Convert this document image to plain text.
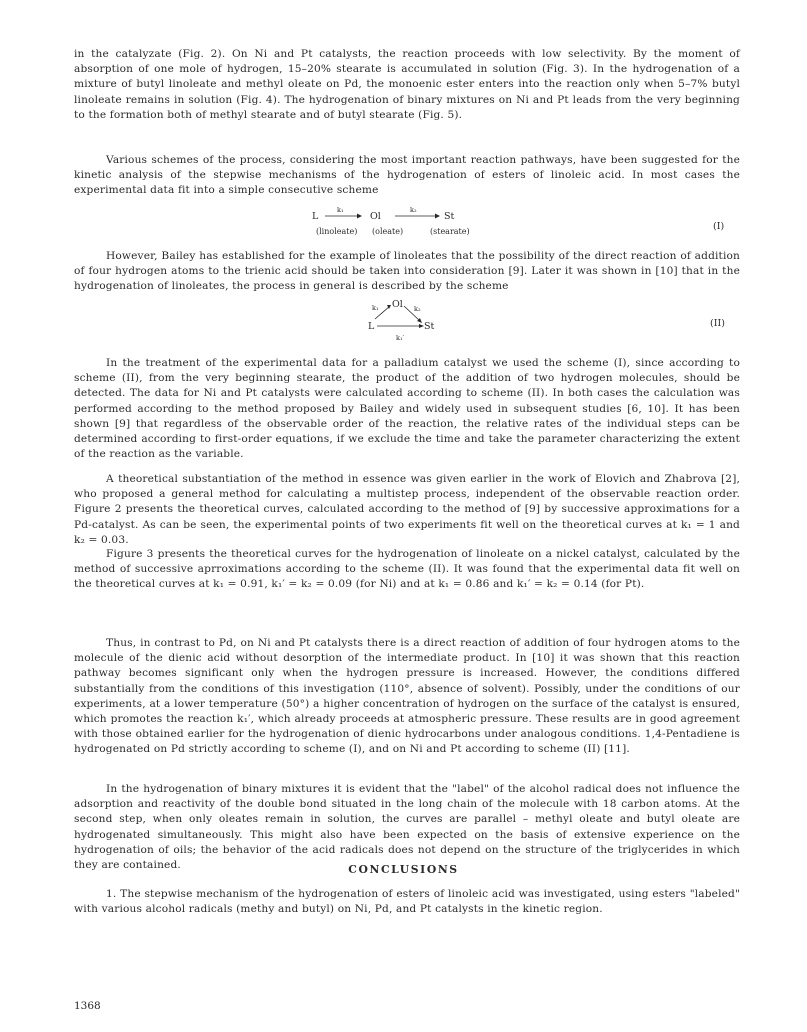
in the catalyzate (Fig. 2). On Ni and Pt catalysts, the reaction proceeds with low selectivity. By the moment of absorption of one mole of hydrogen, 15–20% stearate is accumulated in solution (Fig. 3). In the hydrogenation of a mixture of butyl linoleate and methyl oleate on Pd, the monoenic ester enters into the reaction only when 5–7% butyl linoleate remains in solution (Fig. 4). The hydrogenation of binary mixtures on Ni and Pt leads from the very beginning to the formation both of methyl stearate and of butyl stearate (Fig. 5).

Various schemes of the process, considering the most important reaction pathways, have been suggested for the kinetic analysis of the stepwise mechanisms of the hydrogenation of esters of linoleic acid. In most cases the experimental data fit into a simple consecutive scheme

L
k₁
Ol
k₂
St
(linoleate) (oleate)	(stearate)	(I)

However, Bailey has established for the example of linoleates that the possibility of the direct reaction of addition of four hydrogen atoms to the trienic acid should be taken into consideration [9]. Later it was shown in [10] that in the hydrogenation of linoleates, the process in general is described by the scheme

Ol
k₁	k₂
L	St
k₁′
(II)

In the treatment of the experimental data for a palladium catalyst we used the scheme (I), since according to scheme (II), from the very beginning stearate, the product of the addition of two hydrogen molecules, should be detected. The data for Ni and Pt catalysts were calculated according to scheme (II). In both cases the calculation was performed according to the method proposed by Bailey and widely used in subsequent studies [6, 10]. It has been shown [9] that regardless of the observable order of the reaction, the relative rates of the individual steps can be determined according to first-order equations, if we exclude the time and take the parameter characterizing the extent of the reaction as the variable.

A theoretical substantiation of the method in essence was given earlier in the work of Elovich and Zhabrova [2], who proposed a general method for calculating a multistep process, independent of the observable reaction order. Figure 2 presents the theoretical curves, calculated according to the method of [9] by successive approximations for a Pd-catalyst. As can be seen, the experimental points of two experiments fit well on the theoretical curves at k₁ = 1 and k₂ = 0.03.

Figure 3 presents the theoretical curves for the hydrogenation of linoleate on a nickel catalyst, calculated by the method of successive aprroximations according to the scheme (II). It was found that the experimental data fit well on the theoretical curves at k₁ = 0.91, k₁′ = k₂ = 0.09 (for Ni) and at k₁ = 0.86 and k₁′ = k₂ = 0.14 (for Pt).

Thus, in contrast to Pd, on Ni and Pt catalysts there is a direct reaction of addition of four hydrogen atoms to the molecule of the dienic acid without desorption of the intermediate product. In [10] it was shown that this reaction pathway becomes significant only when the hydrogen pressure is increased. However, the conditions differed substantially from the conditions of this investigation (110°, absence of solvent). Possibly, under the conditions of our experiments, at a lower temperature (50°) a higher concentration of hydrogen on the surface of the catalyst is ensured, which promotes the reaction k₁′, which already proceeds at atmospheric pressure. These results are in good agreement with those obtained earlier for the hydrogenation of dienic hydrocarbons under analogous conditions. 1,4-Pentadiene is hydrogenated on Pd strictly according to scheme (I), and on Ni and Pt according to scheme (II) [11].

In the hydrogenation of binary mixtures it is evident that the "label" of the alcohol radical does not influence the adsorption and reactivity of the double bond situated in the long chain of the molecule with 18 carbon atoms. At the second step, when only oleates remain in solution, the curves are parallel – methyl oleate and butyl oleate are hydrogenated simultaneously. This might also have been expected on the basis of extensive experience on the hydrogenation of oils; the behavior of the acid radicals does not depend on the structure of the triglycerides in which they are contained.	CONCLUSIONS

1. The stepwise mechanism of the hydrogenation of esters of linoleic acid was investigated, using esters "labeled" with various alcohol radicals (methy and butyl) on Ni, Pd, and Pt catalysts in the kinetic region.

1368
